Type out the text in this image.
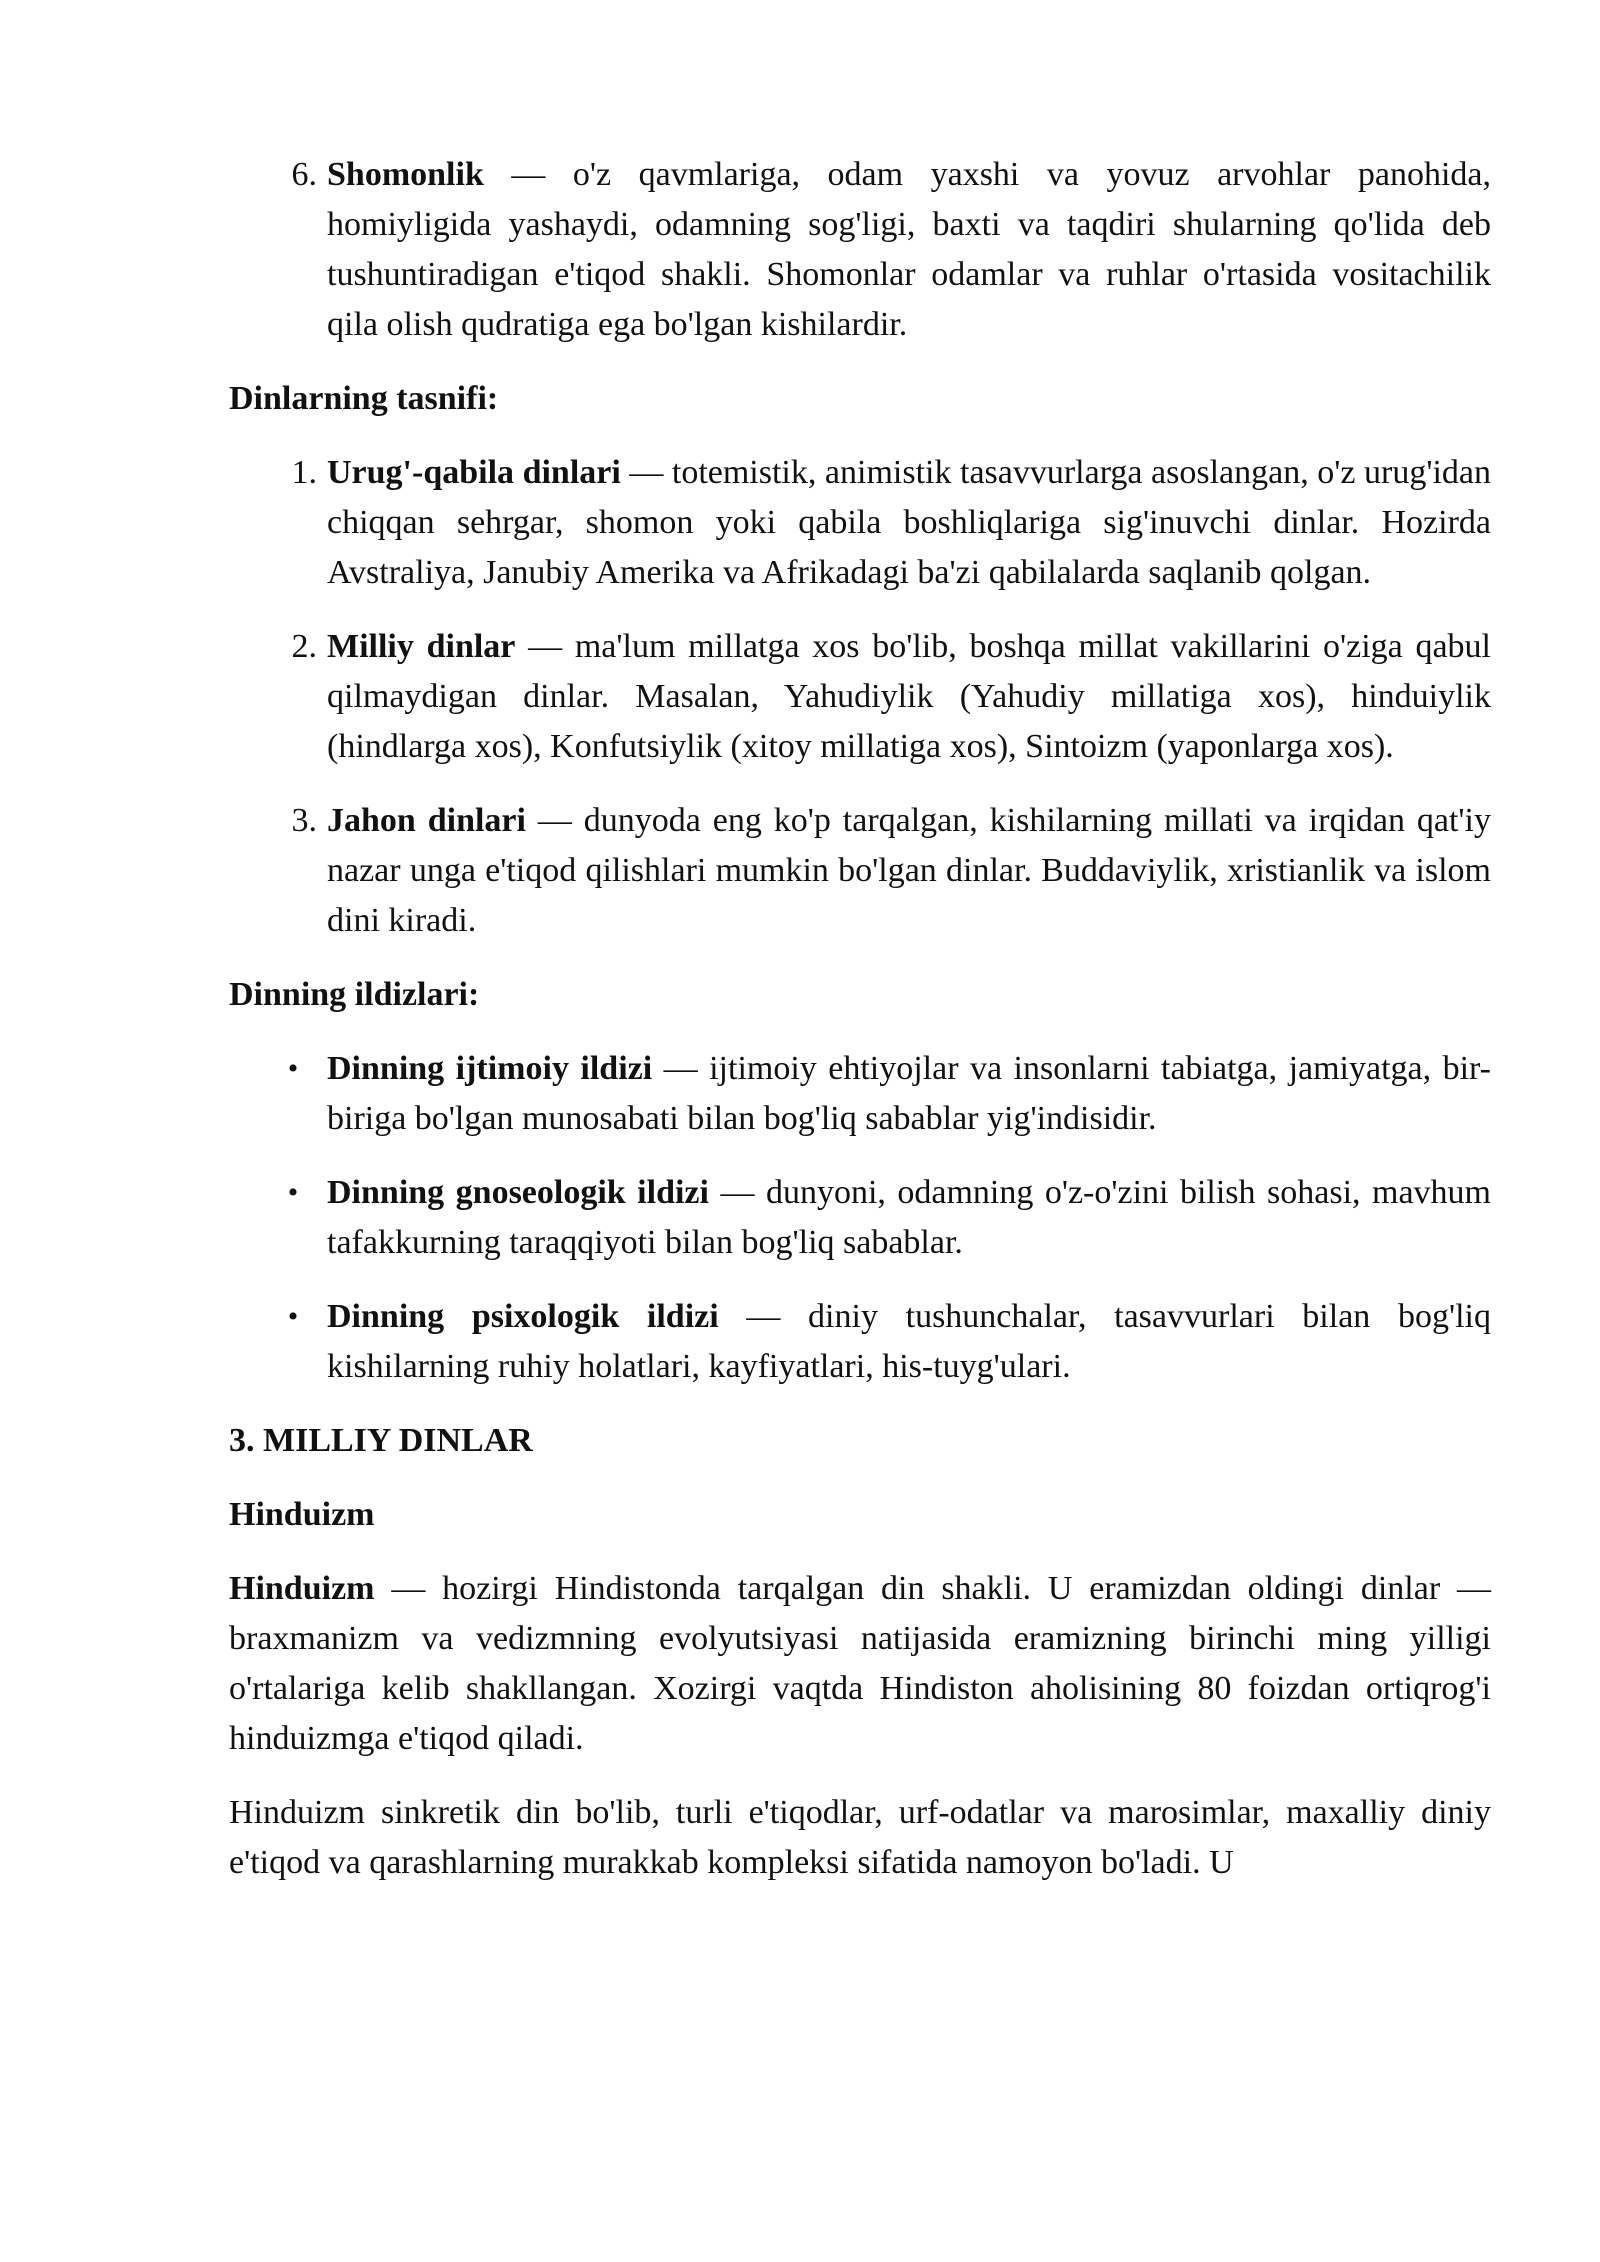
6. Shomonlik — o'z qavmlariga, odam yaxshi va yovuz arvohlar panohida, homiyligida yashaydi, odamning sog'ligi, baxti va taqdiri shularning qo'lida deb tushuntiradigan e'tiqod shakli. Shomonlar odamlar va ruhlar o'rtasida vositachilik qila olish qudratiga ega bo'lgan kishilardir.
Dinlarning tasnifi:
1. Urug'-qabila dinlari — totemistik, animistik tasavvurlarga asoslangan, o'z urug'idan chiqqan sehrgar, shomon yoki qabila boshliqlariga sig'inuvchi dinlar. Hozirda Avstraliya, Janubiy Amerika va Afrikadagi ba'zi qabilalarda saqlanib qolgan.
2. Milliy dinlar — ma'lum millatga xos bo'lib, boshqa millat vakillarini o'ziga qabul qilmaydigan dinlar. Masalan, Yahudiylik (Yahudiy millatiga xos), hinduiylik (hindlarga xos), Konfutsiylik (xitoy millatiga xos), Sintoizm (yaponlarga xos).
3. Jahon dinlari — dunyoda eng ko'p tarqalgan, kishilarning millati va irqidan qat'iy nazar unga e'tiqod qilishlari mumkin bo'lgan dinlar. Buddaviylik, xristianlik va islom dini kiradi.
Dinning ildizlari:
• Dinning ijtimoiy ildizi — ijtimoiy ehtiyojlar va insonlarni tabiatga, jamiyatga, bir-biriga bo'lgan munosabati bilan bog'liq sabablar yig'indisidir.
• Dinning gnoseologik ildizi — dunyoni, odamning o'z-o'zini bilish sohasi, mavhum tafakkurning taraqqiyoti bilan bog'liq sabablar.
• Dinning psixologik ildizi — diniy tushunchalar, tasavvurlari bilan bog'liq kishilarning ruhiy holatlari, kayfiyatlari, his-tuyg'ulari.
3. MILLIY DINLAR
Hinduizm

Hinduizm — hozirgi Hindistonda tarqalgan din shakli. U eramizdan oldingi dinlar — braxmanizm va vedizmning evolyutsiyasi natijasida eramizning birinchi ming yilligi o'rtalariga kelib shakllangan. Xozirgi vaqtda Hindiston aholisining 80 foizdan ortiqrog'i hinduizmga e'tiqod qiladi.

Hinduizm sinkretik din bo'lib, turli e'tiqodlar, urf-odatlar va marosimlar, maxalliy diniy e'tiqod va qarashlarning murakkab kompleksi sifatida namoyon bo'ladi. U
